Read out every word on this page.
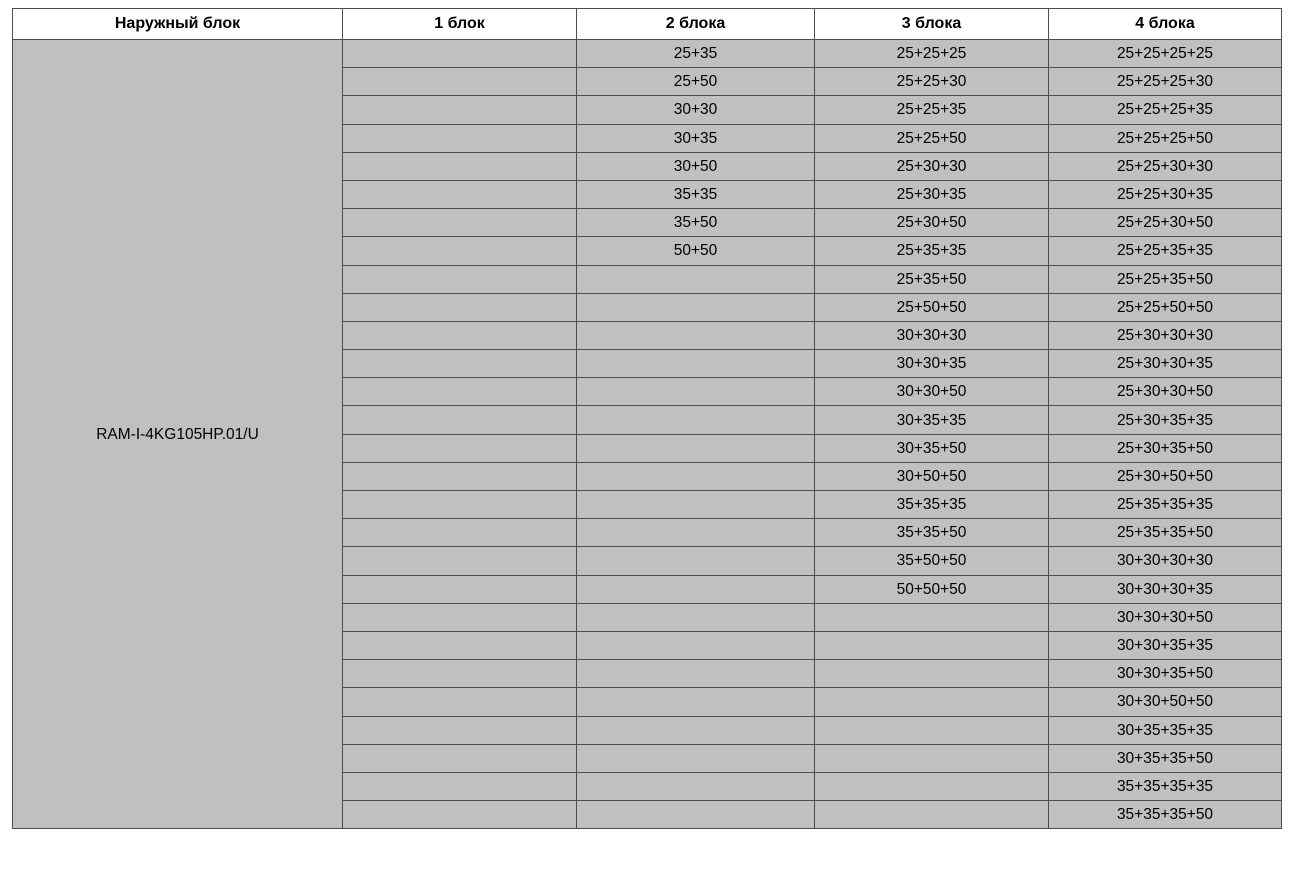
Наружный блок	1 блок	2 блока	3 блока	4 блока
RAM-I-4KG105HP.01/U		25+35	25+25+25	25+25+25+25
		25+50	25+25+30	25+25+25+30
		30+30	25+25+35	25+25+25+35
		30+35	25+25+50	25+25+25+50
		30+50	25+30+30	25+25+30+30
		35+35	25+30+35	25+25+30+35
		35+50	25+30+50	25+25+30+50
		50+50	25+35+35	25+25+35+35
			25+35+50	25+25+35+50
			25+50+50	25+25+50+50
			30+30+30	25+30+30+30
			30+30+35	25+30+30+35
			30+30+50	25+30+30+50
			30+35+35	25+30+35+35
			30+35+50	25+30+35+50
			30+50+50	25+30+50+50
			35+35+35	25+35+35+35
			35+35+50	25+35+35+50
			35+50+50	30+30+30+30
			50+50+50	30+30+30+35
				30+30+30+50
				30+30+35+35
				30+30+35+50
				30+30+50+50
				30+35+35+35
				30+35+35+50
				35+35+35+35
				35+35+35+50
